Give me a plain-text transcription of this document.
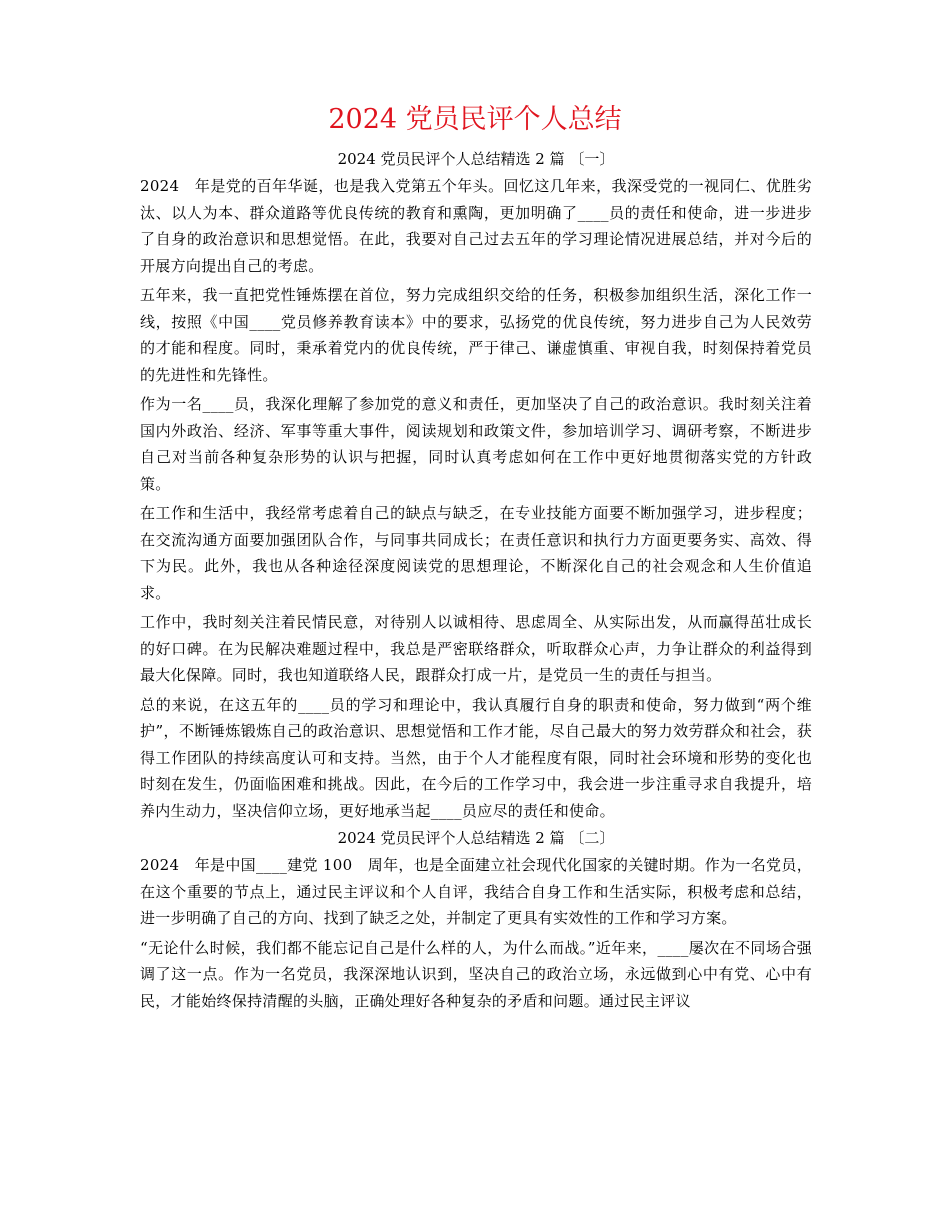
2024 党员民评个人总结

2024 党员民评个人总结精选 2 篇 〔一〕

2024　年是党的百年华诞，也是我入党第五个年头。回忆这几年来，我深受党的一视同仁、优胜劣汰、以人为本、群众道路等优良传统的教育和熏陶，更加明确了____员的责任和使命，进一步进步了自身的政治意识和思想觉悟。在此，我要对自己过去五年的学习理论情况进展总结，并对今后的开展方向提出自己的考虑。

五年来，我一直把党性锤炼摆在首位，努力完成组织交给的任务，积极参加组织生活，深化工作一线，按照《中国____党员修养教育读本》中的要求，弘扬党的优良传统，努力进步自己为人民效劳的才能和程度。同时，秉承着党内的优良传统，严于律己、谦虚慎重、审视自我，时刻保持着党员的先进性和先锋性。

作为一名____员，我深化理解了参加党的意义和责任，更加坚决了自己的政治意识。我时刻关注着国内外政治、经济、军事等重大事件，阅读规划和政策文件，参加培训学习、调研考察，不断进步自己对当前各种复杂形势的认识与把握，同时认真考虑如何在工作中更好地贯彻落实党的方针政策。

在工作和生活中，我经常考虑着自己的缺点与缺乏，在专业技能方面要不断加强学习，进步程度；在交流沟通方面要加强团队合作，与同事共同成长；在责任意识和执行力方面更要务实、高效、得下为民。此外，我也从各种途径深度阅读党的思想理论，不断深化自己的社会观念和人生价值追求。

工作中，我时刻关注着民情民意，对待别人以诚相待、思虑周全、从实际出发，从而赢得茁壮成长的好口碑。在为民解决难题过程中，我总是严密联络群众，听取群众心声，力争让群众的利益得到最大化保障。同时，我也知道联络人民，跟群众打成一片，是党员一生的责任与担当。

总的来说，在这五年的____员的学习和理论中，我认真履行自身的职责和使命，努力做到“两个维护”，不断锤炼锻炼自己的政治意识、思想觉悟和工作才能，尽自己最大的努力效劳群众和社会，获得工作团队的持续高度认可和支持。当然，由于个人才能程度有限，同时社会环境和形势的变化也时刻在发生，仍面临困难和挑战。因此，在今后的工作学习中，我会进一步注重寻求自我提升，培养内生动力，坚决信仰立场，更好地承当起____员应尽的责任和使命。

2024 党员民评个人总结精选 2 篇 〔二〕

2024　年是中国____建党 100　周年，也是全面建立社会现代化国家的关键时期。作为一名党员，在这个重要的节点上，通过民主评议和个人自评，我结合自身工作和生活实际，积极考虑和总结，进一步明确了自己的方向、找到了缺乏之处，并制定了更具有实效性的工作和学习方案。

“无论什么时候，我们都不能忘记自己是什么样的人，为什么而战。”近年来，____屡次在不同场合强调了这一点。作为一名党员，我深深地认识到，坚决自己的政治立场，永远做到心中有党、心中有民，才能始终保持清醒的头脑，正确处理好各种复杂的矛盾和问题。通过民主评议
